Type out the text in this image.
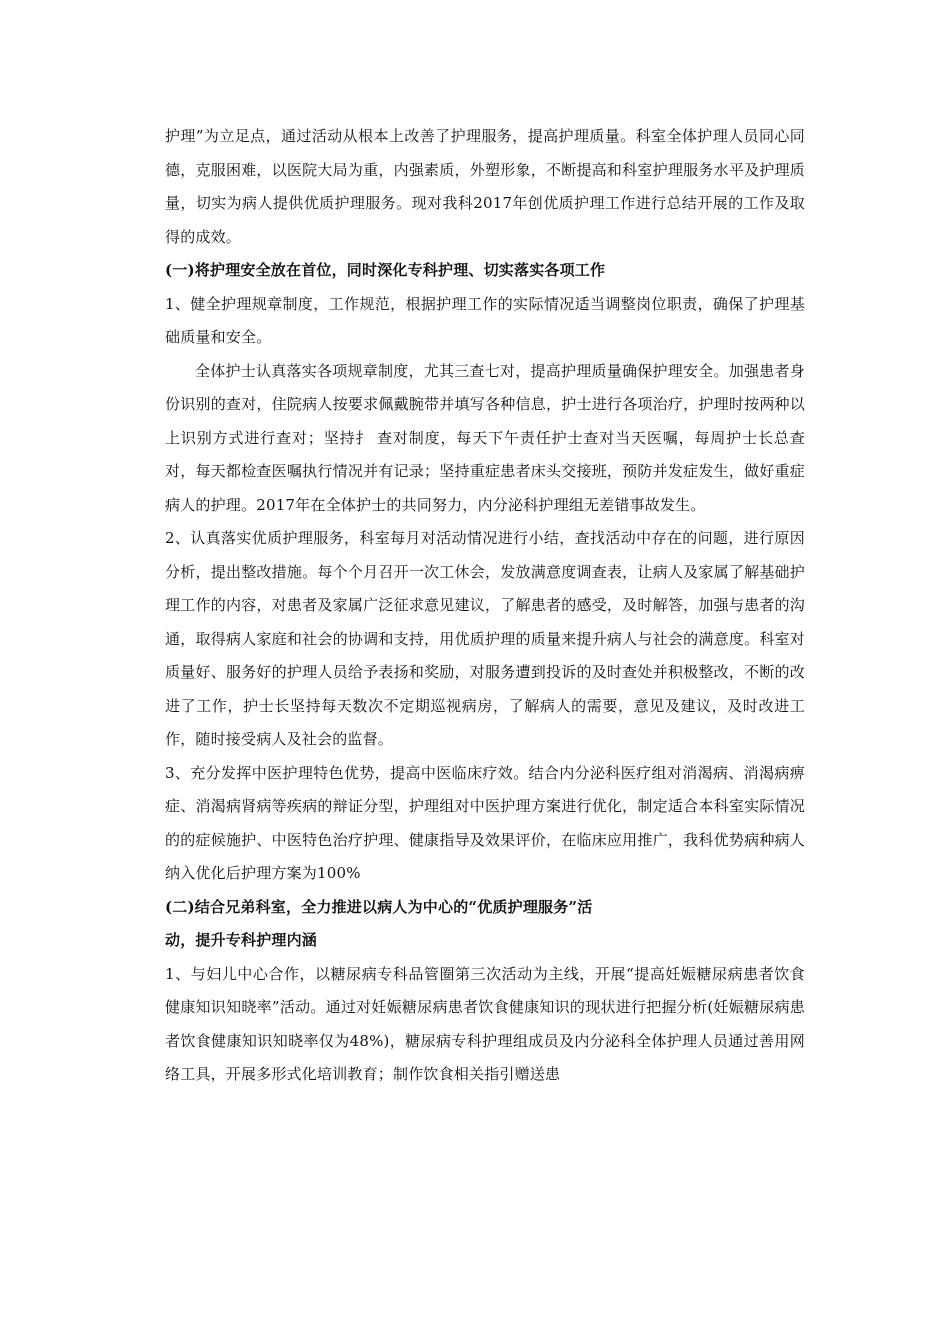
护理”为立足点，通过活动从根本上改善了护理服务，提高护理质量。科室全体护理人员同心同德，克服困难，以医院大局为重，内强素质，外塑形象，不断提高和科室护理服务水平及护理质量，切实为病人提供优质护理服务。现对我科2017年创优质护理工作进行总结开展的工作及取得的成效。

(一)将护理安全放在首位，同时深化专科护理、切实落实各项工作

1、健全护理规章制度，工作规范，根据护理工作的实际情况适当调整岗位职责，确保了护理基础质量和安全。

全体护士认真落实各项规章制度，尤其三查七对，提高护理质量确保护理安全。加强患者身份识别的查对，住院病人按要求佩戴腕带并填写各种信息，护士进行各项治疗，护理时按两种以上识别方式进行查对；坚持扌 查对制度，每天下午责任护士查对当天医嘱，每周护士长总查对，每天都检查医嘱执行情况并有记录；坚持重症患者床头交接班，预防并发症发生，做好重症病人的护理。2017年在全体护士的共同努力，内分泌科护理组无差错事故发生。

2、认真落实优质护理服务，科室每月对活动情况进行小结，查找活动中存在的问题，进行原因分析，提出整改措施。每个个月召开一次工休会，发放满意度调查表，让病人及家属了解基础护理工作的内容，对患者及家属广泛征求意见建议，了解患者的感受，及时解答，加强与患者的沟通，取得病人家庭和社会的协调和支持，用优质护理的质量来提升病人与社会的满意度。科室对质量好、服务好的护理人员给予表扬和奖励，对服务遭到投诉的及时查处并积极整改，不断的改进了工作，护士长坚持每天数次不定期巡视病房，了解病人的需要，意见及建议，及时改进工作，随时接受病人及社会的监督。

3、充分发挥中医护理特色优势，提高中医临床疗效。结合内分泌科医疗组对消渴病、消渴病痹症、消渴病肾病等疾病的辩证分型，护理组对中医护理方案进行优化，制定适合本科室实际情况的的症候施护、中医特色治疗护理、健康指导及效果评价，在临床应用推广，我科优势病种病人纳入优化后护理方案为100%

(二)结合兄弟科室，全力推进以病人为中心的“优质护理服务”活

动，提升专科护理内涵

1、与妇儿中心合作，以糖尿病专科品管圈第三次活动为主线，开展“提高妊娠糖尿病患者饮食健康知识知晓率”活动。通过对妊娠糖尿病患者饮食健康知识的现状进行把握分析(妊娠糖尿病患者饮食健康知识知晓率仅为48%)，糖尿病专科护理组成员及内分泌科全体护理人员通过善用网络工具，开展多形式化培训教育；制作饮食相关指引赠送患
